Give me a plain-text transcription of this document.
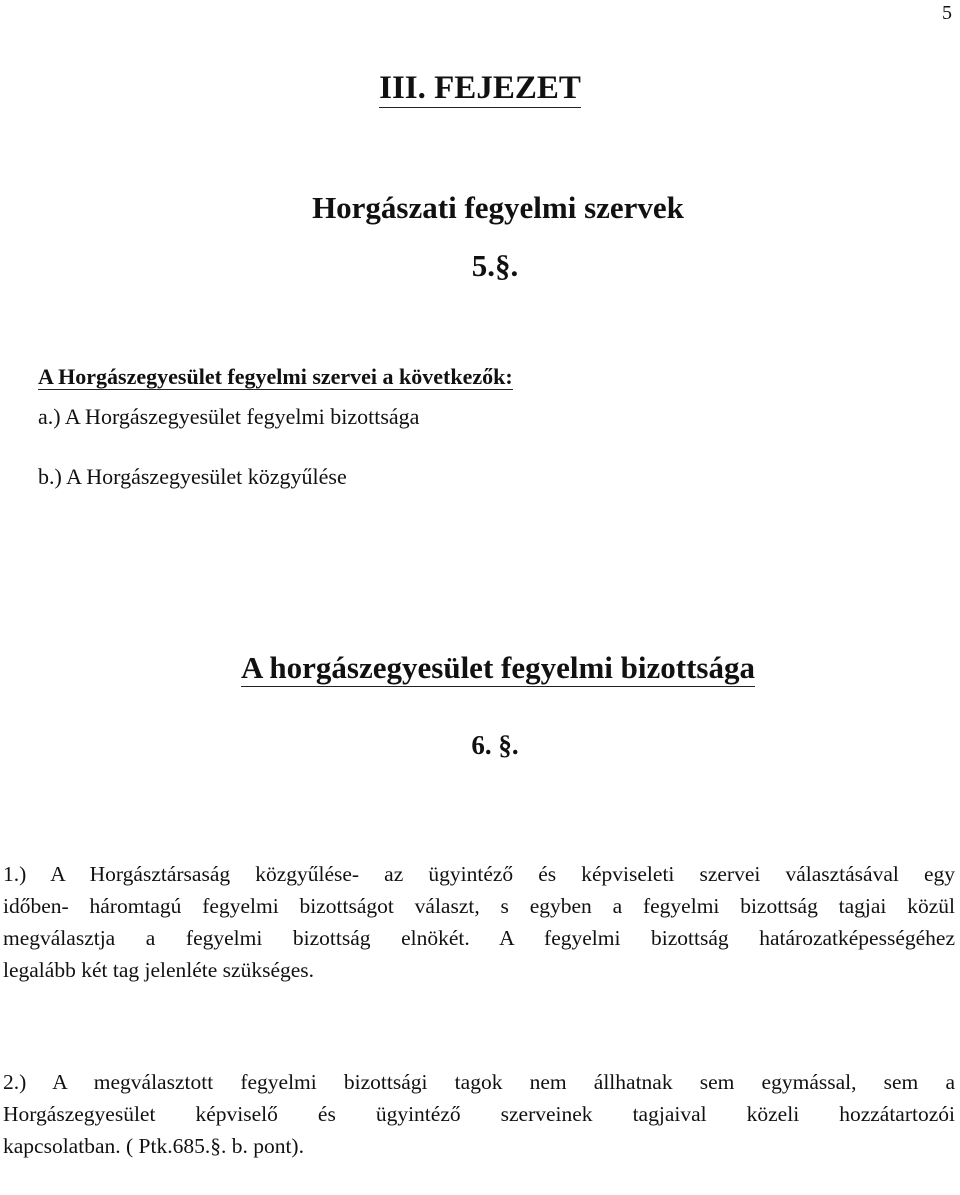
5
III. FEJEZET
Horgászati fegyelmi szervek
5.§.
A Horgászegyesület fegyelmi szervei a következők:
a.) A Horgászegyesület fegyelmi bizottsága
b.) A Horgászegyesület közgyűlése
A horgászegyesület fegyelmi bizottsága
6. §.
1.) A Horgásztársaság közgyűlése- az ügyintéző és képviseleti szervei választásával egy
időben- háromtagú fegyelmi bizottságot választ, s egyben a fegyelmi bizottság tagjai közül
megválasztja a fegyelmi bizottság elnökét. A fegyelmi bizottság határozatképességéhez
legalább két tag jelenléte szükséges.
2.) A megválasztott fegyelmi bizottsági tagok nem állhatnak sem egymással, sem a
Horgászegyesület képviselő és ügyintéző szerveinek tagjaival közeli hozzátartozói
kapcsolatban. ( Ptk.685.§. b. pont).
